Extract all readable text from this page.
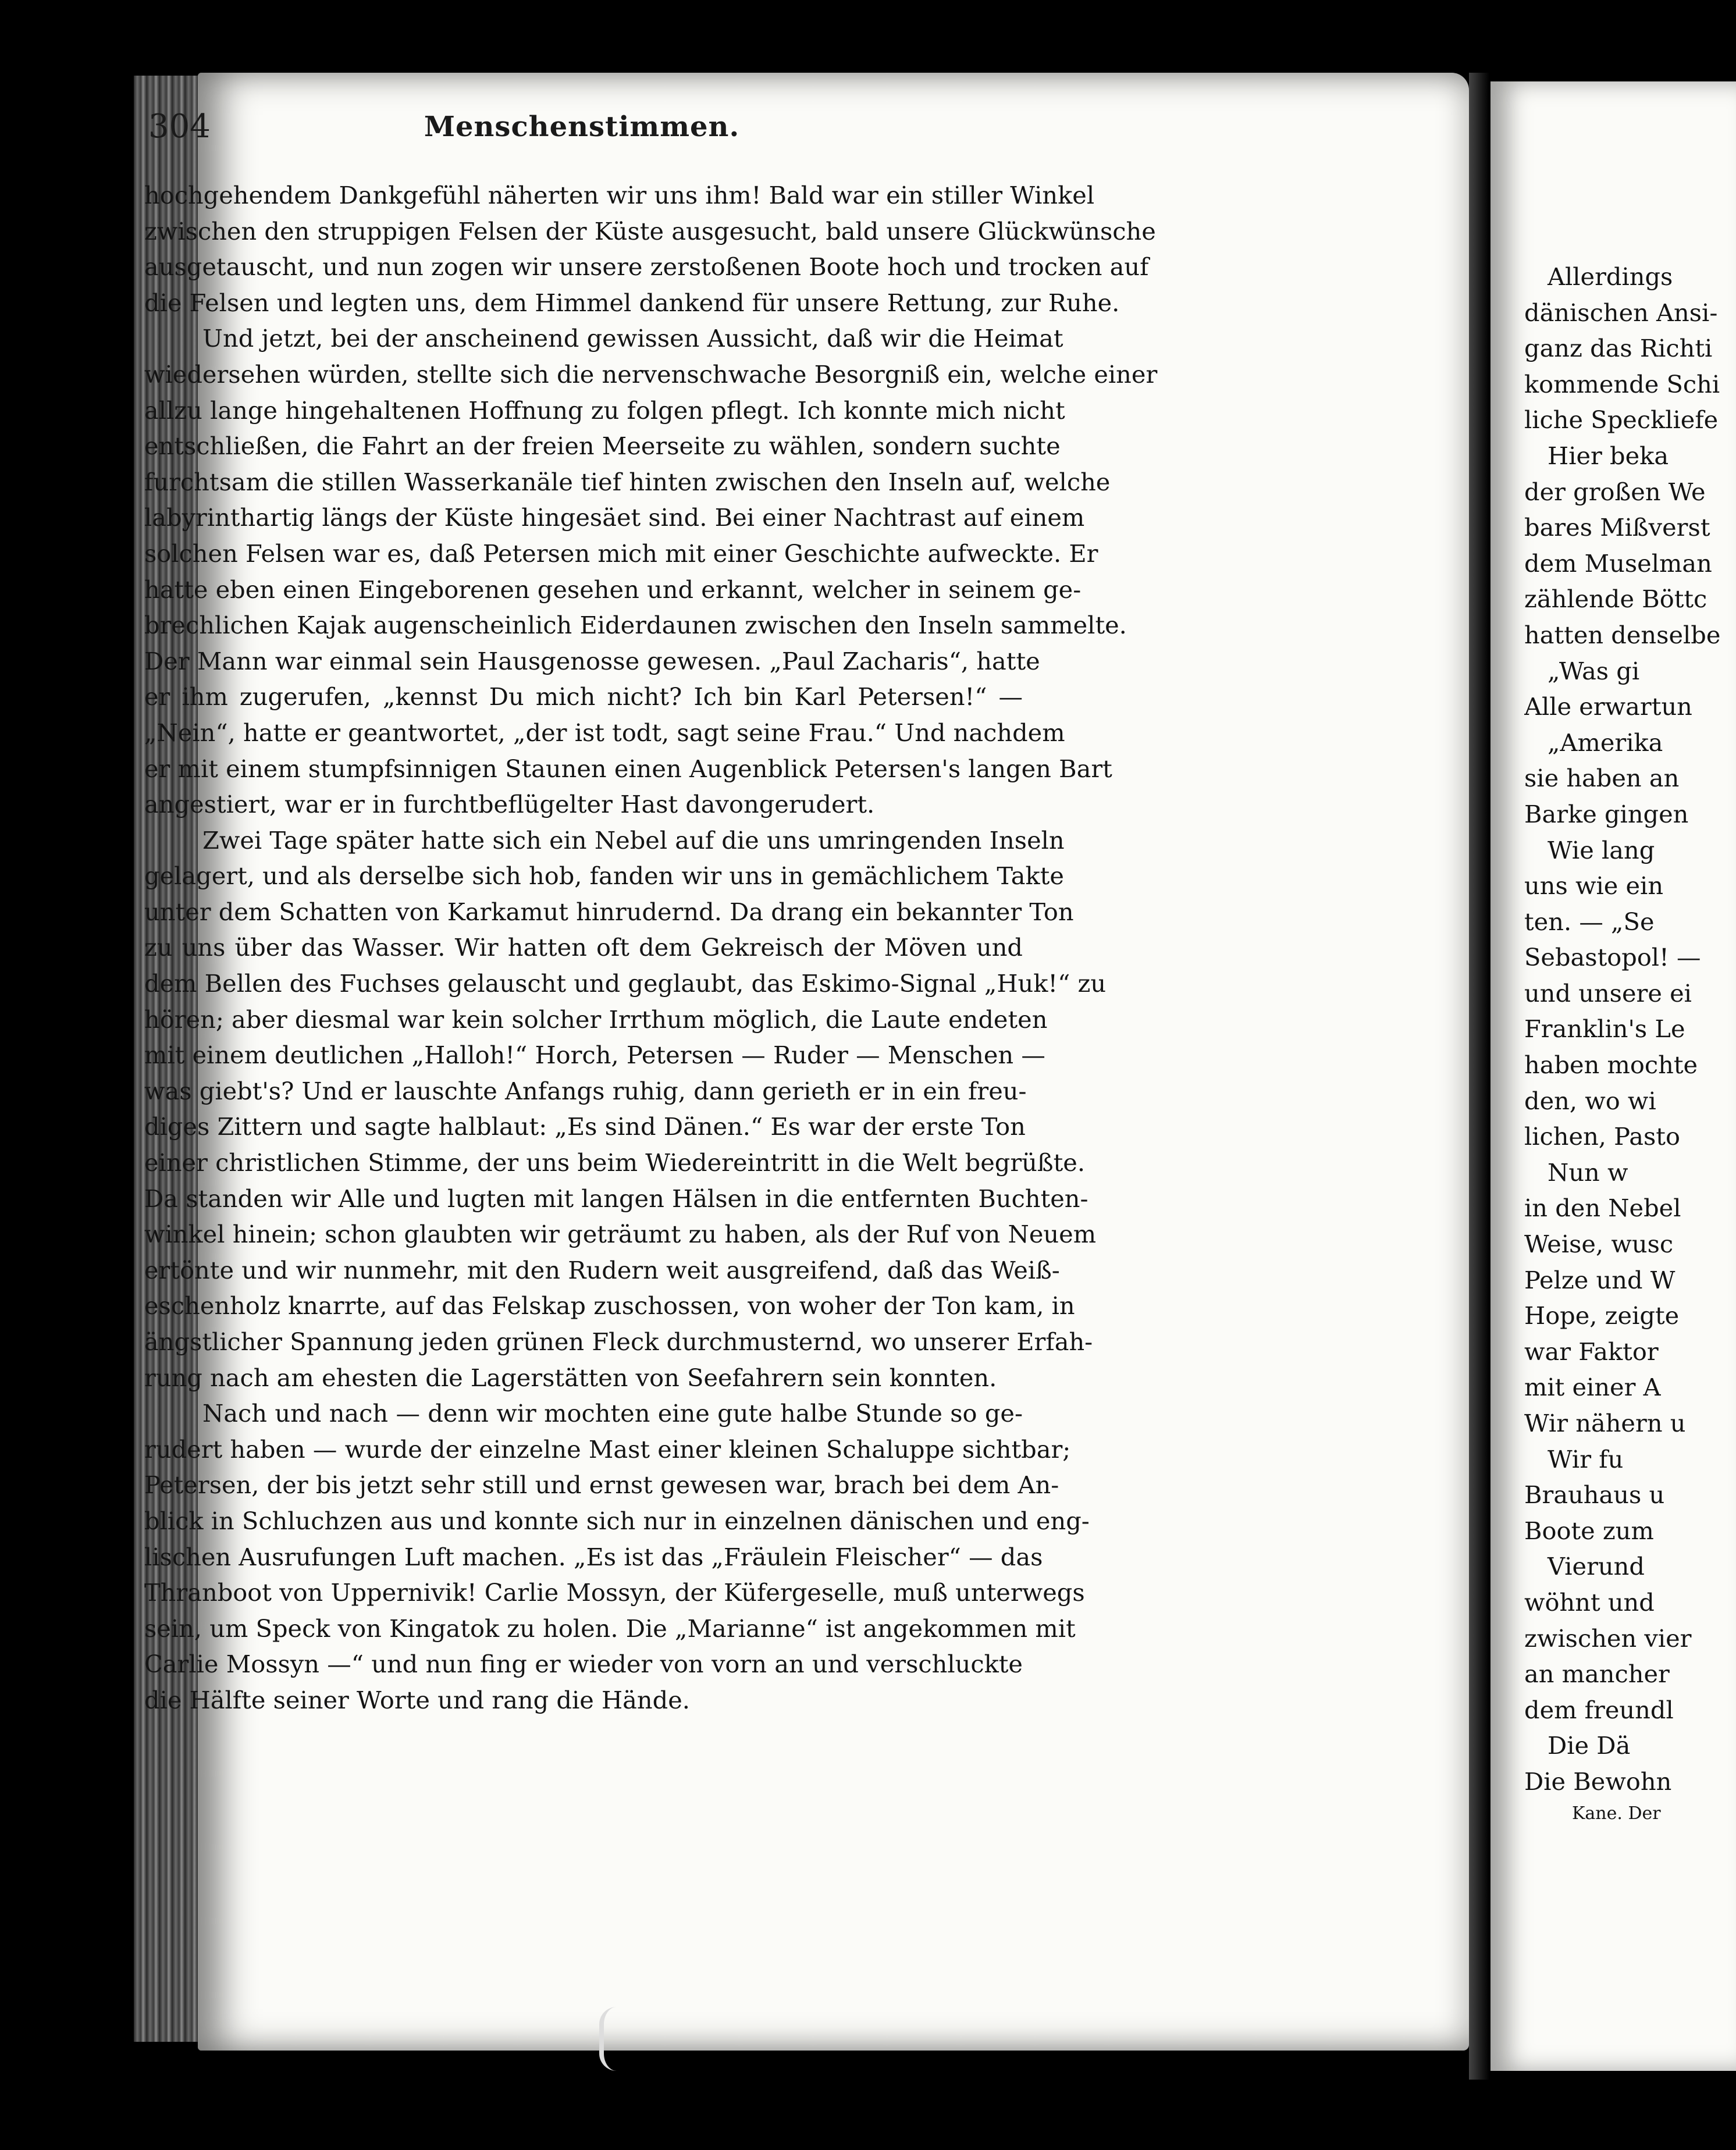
Allerdings
dänischen Ansi-
ganz das Richti
kommende Schi
liche Speckliefe
Hier beka
der großen We
bares Mißverst
dem Muselman
zählende Böttc
hatten denselbe
„Was gi
Alle erwartun
„Amerika
sie haben an
Barke gingen
Wie lang
uns wie ein
ten. — „Se
Sebastopol! —
und unsere ei
Franklin's Le
haben mochte
den, wo wi
lichen, Pasto
Nun w
in den Nebel
Weise, wusc
Pelze und W
Hope, zeigte
war Faktor
mit einer A
Wir nähern u
Wir fu
Brauhaus u
Boote zum
Vierund
wöhnt und
zwischen vier
an mancher
dem freundl
Die Dä
Die Bewohn
Kane. Der
304	Menschenstimmen.
hochgehendem Dankgefühl näherten wir uns ihm! Bald war ein stiller Winkel
zwischen den struppigen Felsen der Küste ausgesucht, bald unsere Glückwünsche
ausgetauscht, und nun zogen wir unsere zerstoßenen Boote hoch und trocken auf
die Felsen und legten uns, dem Himmel dankend für unsere Rettung, zur Ruhe.
Und jetzt, bei der anscheinend gewissen Aussicht, daß wir die Heimat
wiedersehen würden, stellte sich die nervenschwache Besorgniß ein, welche einer
allzu lange hingehaltenen Hoffnung zu folgen pflegt. Ich konnte mich nicht
entschließen, die Fahrt an der freien Meerseite zu wählen, sondern suchte
furchtsam die stillen Wasserkanäle tief hinten zwischen den Inseln auf, welche
labyrinthartig längs der Küste hingesäet sind. Bei einer Nachtrast auf einem
solchen Felsen war es, daß Petersen mich mit einer Geschichte aufweckte. Er
hatte eben einen Eingeborenen gesehen und erkannt, welcher in seinem ge-
brechlichen Kajak augenscheinlich Eiderdaunen zwischen den Inseln sammelte.
Der Mann war einmal sein Hausgenosse gewesen. „Paul Zacharis“, hatte
er ihm zugerufen, „kennst Du mich nicht? Ich bin Karl Petersen!“ —
„Nein“, hatte er geantwortet, „der ist todt, sagt seine Frau.“ Und nachdem
er mit einem stumpfsinnigen Staunen einen Augenblick Petersen's langen Bart
angestiert, war er in furchtbeflügelter Hast davongerudert.
Zwei Tage später hatte sich ein Nebel auf die uns umringenden Inseln
gelagert, und als derselbe sich hob, fanden wir uns in gemächlichem Takte
unter dem Schatten von Karkamut hinrudernd. Da drang ein bekannter Ton
zu uns über das Wasser. Wir hatten oft dem Gekreisch der Möven und
dem Bellen des Fuchses gelauscht und geglaubt, das Eskimo-Signal „Huk!“ zu
hören; aber diesmal war kein solcher Irrthum möglich, die Laute endeten
mit einem deutlichen „Halloh!“ Horch, Petersen — Ruder — Menschen —
was giebt's? Und er lauschte Anfangs ruhig, dann gerieth er in ein freu-
diges Zittern und sagte halblaut: „Es sind Dänen.“ Es war der erste Ton
einer christlichen Stimme, der uns beim Wiedereintritt in die Welt begrüßte.
Da standen wir Alle und lugten mit langen Hälsen in die entfernten Buchten-
winkel hinein; schon glaubten wir geträumt zu haben, als der Ruf von Neuem
ertönte und wir nunmehr, mit den Rudern weit ausgreifend, daß das Weiß-
eschenholz knarrte, auf das Felskap zuschossen, von woher der Ton kam, in
ängstlicher Spannung jeden grünen Fleck durchmusternd, wo unserer Erfah-
rung nach am ehesten die Lagerstätten von Seefahrern sein konnten.
Nach und nach — denn wir mochten eine gute halbe Stunde so ge-
rudert haben — wurde der einzelne Mast einer kleinen Schaluppe sichtbar;
Petersen, der bis jetzt sehr still und ernst gewesen war, brach bei dem An-
blick in Schluchzen aus und konnte sich nur in einzelnen dänischen und eng-
lischen Ausrufungen Luft machen. „Es ist das „Fräulein Fleischer“ — das
Thranboot von Uppernivik! Carlie Mossyn, der Küfergeselle, muß unterwegs
sein, um Speck von Kingatok zu holen. Die „Marianne“ ist angekommen mit
Carlie Mossyn —“ und nun fing er wieder von vorn an und verschluckte
die Hälfte seiner Worte und rang die Hände.
